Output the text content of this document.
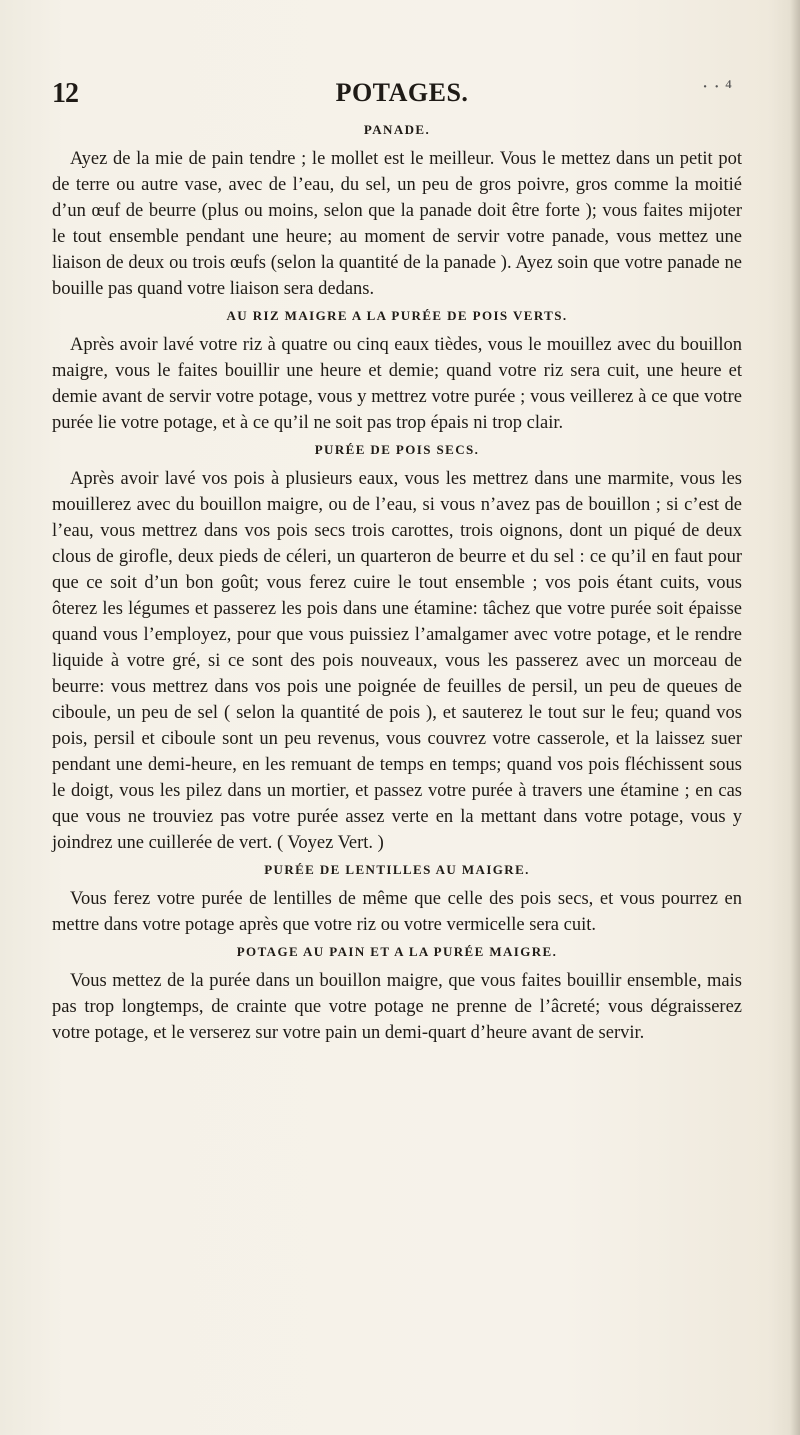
12	POTAGES.	· · ⁴
PANADE.

Ayez de la mie de pain tendre ; le mollet est le meilleur. Vous le mettez dans un petit pot de terre ou autre vase, avec de l’eau, du sel, un peu de gros poivre, gros comme la moitié d’un œuf de beurre (plus ou moins, selon que la panade doit être forte ); vous faites mijoter le tout ensemble pendant une heure; au moment de servir votre panade, vous mettez une liaison de deux ou trois œufs (selon la quantité de la panade ). Ayez soin que votre panade ne bouille pas quand votre liaison sera dedans.

AU RIZ MAIGRE A LA PURÉE DE POIS VERTS.

Après avoir lavé votre riz à quatre ou cinq eaux tièdes, vous le mouillez avec du bouillon maigre, vous le faites bouillir une heure et demie; quand votre riz sera cuit, une heure et demie avant de servir votre potage, vous y mettrez votre purée ; vous veillerez à ce que votre purée lie votre potage, et à ce qu’il ne soit pas trop épais ni trop clair.

PURÉE DE POIS SECS.

Après avoir lavé vos pois à plusieurs eaux, vous les mettrez dans une marmite, vous les mouillerez avec du bouillon maigre, ou de l’eau, si vous n’avez pas de bouillon ; si c’est de l’eau, vous mettrez dans vos pois secs trois carottes, trois oignons, dont un piqué de deux clous de girofle, deux pieds de céleri, un quarteron de beurre et du sel : ce qu’il en faut pour que ce soit d’un bon goût; vous ferez cuire le tout ensemble ; vos pois étant cuits, vous ôterez les légumes et passerez les pois dans une étamine: tâchez que votre purée soit épaisse quand vous l’employez, pour que vous puissiez l’amalgamer avec votre potage, et le rendre liquide à votre gré, si ce sont des pois nouveaux, vous les passerez avec un morceau de beurre: vous mettrez dans vos pois une poignée de feuilles de persil, un peu de queues de ciboule, un peu de sel ( selon la quantité de pois ), et sauterez le tout sur le feu; quand vos pois, persil et ciboule sont un peu revenus, vous couvrez votre casserole, et la laissez suer pendant une demi-heure, en les remuant de temps en temps; quand vos pois fléchissent sous le doigt, vous les pilez dans un mortier, et passez votre purée à travers une étamine ; en cas que vous ne trouviez pas votre purée assez verte en la mettant dans votre potage, vous y joindrez une cuillerée de vert. ( Voyez Vert. )

PURÉE DE LENTILLES AU MAIGRE.

Vous ferez votre purée de lentilles de même que celle des pois secs, et vous pourrez en mettre dans votre potage après que votre riz ou votre vermicelle sera cuit.

POTAGE AU PAIN ET A LA PURÉE MAIGRE.

Vous mettez de la purée dans un bouillon maigre, que vous faites bouillir ensemble, mais pas trop longtemps, de crainte que votre potage ne prenne de l’âcreté; vous dégraisserez votre potage, et le verserez sur votre pain un demi-quart d’heure avant de servir.
